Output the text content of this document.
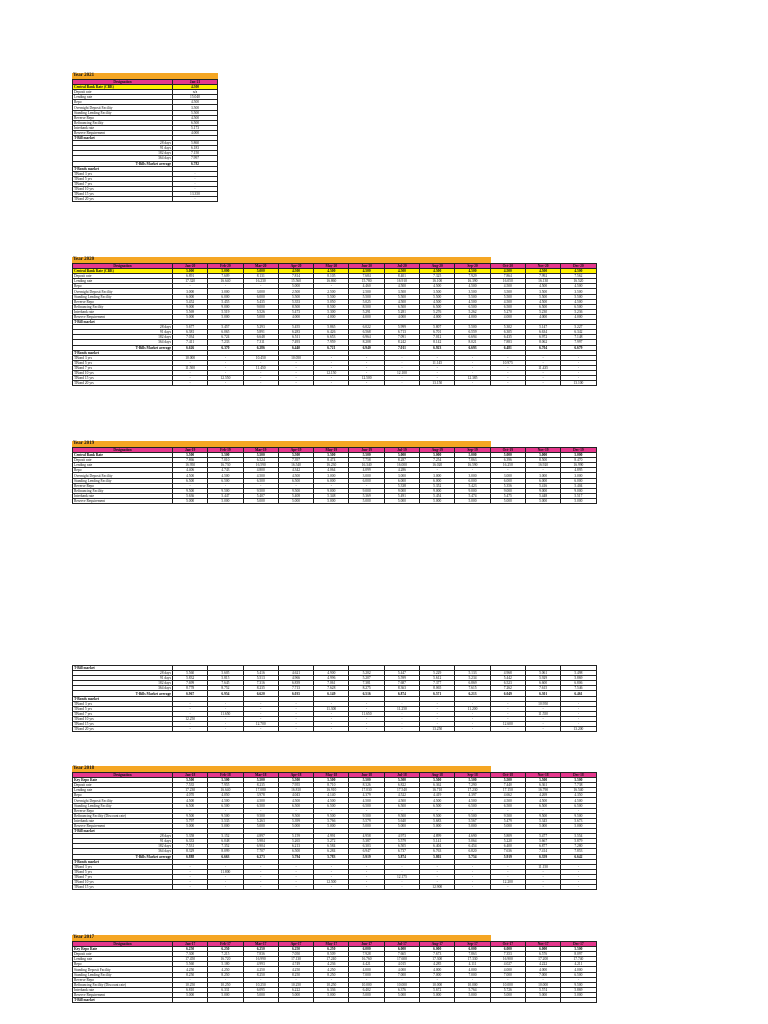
Year 2021
Designation	Jan-21
Central Bank Rate (CBR)	4.500
Deposit rate	n/a
Lending rate	15.040
Repo	4.500
Overnight Deposit Facility	3.500
Standing Lending Facility	5.500
Reverse Repo	4.500
Refinancing Facility	6.500
Interbank rate	5.173
Reserve Requirement	4.000
T-Bill market	
28 days	5.860
91 days	6.183
182 days	7.150
364 days	7.997
T-Bills Market average	6.782
T-Bonds market	
TBond 3 yrs	-
TBond 5 yrs	-
TBond 7 yrs	-
TBond 10 yrs	-
TBond 15 yrs	13.350
TBond 20 yrs	-
Year 2020
Designation	Jan-20	Feb-20	Mar-20	Apr-20	May-20	Jun-20	Jul-20	Aug-20	Sep-20	Oct-20	Nov-20	Dec-20
Central Bank Rate (CBR)	5.000	5.000	5.000	4.500	4.500	4.500	4.500	4.500	4.500	4.500	4.500	4.500
Deposit rate	6.891	7.609	8.131	7.814	8.105	7.684	8.401	7.325	7.929	7.864	7.992	7.562
Lending rate	17.320	16.640	16.230	15.560	16.860	15.780	16.910	16.100	16.390	16.050	16.130	16.520
Repo	-	-	-	5.000	-	4.460	4.500	4.500	4.500	4.500	4.500	4.500
Overnight Deposit Facility	3.000	3.000	3.000	2.500	2.500	2.500	3.500	3.500	3.500	3.500	3.500	3.500
Standing Lending Facility	6.000	6.000	6.000	5.500	5.500	5.500	5.500	5.500	5.500	5.500	5.500	5.500
Reverse Repo	5.452	5.455	5.435	5.353	5.050	5.025	4.500	4.500	4.500	4.500	4.500	4.500
Refinancing Facility	9.000	9.000	9.000	8.500	8.500	8.500	6.500	6.500	6.500	6.500	6.500	6.500
Interbank rate	5.569	5.519	5.526	5.473	5.300	5.291	5.281	5.276	5.262	5.270	5.230	5.236
Reserve Requirement	5.000	5.000	5.000	4.000	4.000	4.000	4.000	4.000	4.000	4.000	4.000	4.000
T-Bill market												
28 days	5.677	5.457	5.293	5.455	5.865	6.022	5.999	5.807	5.500	5.302	5.147	5.227
91 days	6.381	6.065	5.891	6.283	6.426	6.568	6.713	6.701	6.559	6.305	6.634	6.342
182 days	7.034	6.724	6.648	6.511	6.653	6.964	7.091	7.012	6.694	6.435	6.972	7.148
364 days	7.411	7.233	7.311	7.493	7.959	8.208	8.242	8.142	8.021	7.883	8.062	7.997
T-Bills Market average	6.626	6.370	6.286	6.440	6.721	6.940	7.011	6.923	6.693	6.481	6.704	6.679
T-Bonds market												
TBond 3 yrs	10.000	-	10.450	10.050	-	-	-	-	-	-	-	-
TBond 5 yrs	-	-	-	-	-	-	-	11.145	-	10.975	-	-
TBond 7 yrs	11.500	-	11.450	-	-	-	-	-	-	-	11.435	-
TBond 10 yrs	-	-	-	-	12.150	-	12.100	-	-	-	-	-
TBond 15 yrs	-	12.550	-	-	-	12.500	-	-	12.385	-	-	-
TBond 20 yrs	-	-	-	-	-	-	-	13.150	-	-	-	13.100
Year 2019
Designation	Jan-19	Feb-19	Mar-19	Apr-19	May-19	Jun-19	Jul-19	Aug-19	Sep-19	Oct-19	Nov-19	Dec-19
Central Bank Rate	5.500	5.500	5.500	5.500	5.500	5.500	5.000	5.000	5.000	5.000	5.000	5.000
Deposit rate	7.866	7.010	6.524	7.397	8.474	7.758	8.287	7.254	7.863	6.396	8.500	8.470
Lending rate	16.950	16.730	16.590	16.540	16.230	16.340	16.000	16.020	16.590	16.250	16.920	16.990
Repo	4.406	4.743	4.800	4.342	4.064	4.099	4.286	-	-	-	-	4.895
Overnight Deposit Facility	4.500	4.500	4.500	4.500	3.000	3.000	3.000	3.000	3.000	3.000	3.000	3.000
Standing Lending Facility	6.500	6.500	6.500	6.500	6.000	6.000	6.000	6.000	6.000	6.000	6.000	6.000
Reverse Repo	-	-	-	-	-	-	5.338	5.352	5.423	5.356	5.416	5.404
Refinancing Facility	9.500	9.500	9.500	9.500	9.000	9.000	9.000	9.000	9.000	9.000	9.000	9.000
Interbank rate	5.636	5.447	5.407	5.408	5.348	5.369	5.491	5.454	5.474	5.475	5.448	5.517
Reserve Requirement	5.000	5.000	5.000	5.000	5.000	5.000	5.000	5.000	5.000	5.000	5.000	5.000
T-Bill market												
28 days	5.560	5.605	5.416	4.621	4.900	5.202	5.447	5.229	5.133	4.968	5.061	5.498
91 days	5.832	5.815	5.513	4.966	4.996	5.207	5.599	5.612	5.234	5.442	5.929	5.869
182 days	7.699	7.645	7.316	6.839	7.061	7.381	7.687	7.377	6.869	6.523	6.600	6.806
364 days	8.778	8.752	8.235	7.713	7.628	8.275	8.363	8.065	7.615	7.262	7.615	7.546
T-Bills Market average	6.967	6.954	6.620	6.035	6.149	6.516	6.874	6.571	6.213	6.049	6.301	6.461
T-Bonds market												
TBond 3 yrs	-	-	-	-	-	-	-	-	-	-	10.950	-
TBond 5 yrs	-	-	-	-	11.300	-	11.250	-	11.200	-	-	-
TBond 7 yrs	-	11.650	-	-	-	11.650	-	-	-	-	11.550	-
TBond 10 yrs	12.250	-	-	-	-	-	-	-	-	-	-	-
TBond 15 yrs	-	-	12.700	-	-	-	-	-	-	12.600	-	-
TBond 20 yrs	-	-	-	-	-	-	-	13.250	-	-	-	13.200
Year 2018
Designation	Jan-18	Feb-18	Mar-18	Apr-18	May-18	Jun-18	Jul-18	Aug-18	Sep-18	Oct-18	Nov-18	Dec-18
Key Repo Rate	5.500	5.500	5.500	5.500	5.500	5.500	5.500	5.500	5.500	5.500	5.500	5.500
Deposit rate	7.535	7.955	8.235	7.955	8.710	8.326	6.822	6.362	7.290	7.440	6.361	7.738
Lending rate	17.230	16.640	17.080	16.810	16.910	17.030	17.540	16.710	17.230	17.150	16.790	16.540
Repo	4.070	4.050	3.978	4.043	4.140	4.379	4.522	4.419	4.397	4.662	4.269	4.350
Overnight Deposit Facility	4.500	4.500	4.500	4.500	4.500	4.500	4.500	4.500	4.500	4.500	4.500	4.500
Standing Lending Facility	6.500	6.500	6.500	6.500	6.500	6.500	6.500	6.500	6.500	6.500	6.500	6.500
Reverse Repo	-	-	-	-	-	-	-	-	-	-	-	-
Refinancing Facility (Discount rate)	9.500	9.500	9.500	9.500	9.500	9.500	9.500	9.500	9.500	9.500	9.500	9.500
Interbank rate	5.797	5.535	5.263	5.399	5.766	5.579	5.640	5.683	5.567	5.479	5.345	5.673
Reserve Requirement	5.000	5.000	5.000	5.000	5.000	5.000	5.000	5.000	5.000	5.000	5.000	5.000
T-Bill market												
28 days	5.358	5.152	4.897	5.159	4.991	4.958	4.973	4.899	4.690	5.809	5.477	5.554
91 days	6.333	6.048	5.984	5.265	5.272	5.387	5.579	5.141	5.064	5.220	5.667	5.879
182 days	7.531	7.352	6.904	6.213	6.584	6.303	6.505	6.404	6.454	6.400	6.877	7.280
364 days	8.329	8.099	7.707	6.500	6.284	6.947	6.737	6.763	6.820	7.636	7.414	7.853
T-Bills Market average	6.888	6.663	6.273	5.794	5.783	5.919	5.874	5.802	5.754	5.919	6.359	6.642
T-Bonds market												
TBond 3 yrs	-	-	-	-	-	-	-	-	-	-	11.150	-
TBond 5 yrs	-	11.800	-	-	-	-	-	-	-	-	-	-
TBond 7 yrs	-	-	-	-	-	-	12.175	-	-	-	-	-
TBond 10 yrs	-	-	-	-	12.500	-	-	-	-	12.200	-	-
TBond 15 yrs	-	-	-	-	-	-	-	12.900	-	-	-	-
Year 2017
Designation	Jan-17	Feb-17	Mar-17	Apr-17	May-17	Jun-17	Jul-17	Aug-17	Sep-17	Oct-17	Nov-17	Dec-17
Key Repo Rate	6.250	6.250	6.250	6.250	6.250	6.000	6.000	6.000	6.000	6.000	6.000	5.500
Deposit rate	7.300	7.215	7.836	7.050	8.509	7.928	7.665	7.673	7.863	7.353	6.576	8.097
Lending rate	17.450	16.720	16.990	17.130	17.240	16.760	17.600	17.300	17.330	16.900	17.200	17.740
Repo	5.560	5.180	4.993	4.749	4.236	4.421	4.015	4.285	4.111	4.027	4.222	4.211
Standing Deposit Facility	4.250	4.250	4.250	4.250	4.250	4.000	4.000	4.000	4.000	4.000	4.000	4.000
Standing Lending Facility	8.250	8.250	8.250	8.250	8.250	7.000	7.000	7.000	7.000	7.000	7.000	6.500
Reverse Repo	-	-	-	-	-	-	-	-	-	-	-	-
Refinancing Facility (Discount rate)	10.250	10.250	10.250	10.250	10.250	10.000	10.000	10.000	10.000	10.000	10.000	9.500
Interbank rate	6.810	6.331	6.095	6.222	6.336	6.402	6.376	5.672	5.764	5.726	5.574	5.869
Reserve Requirement	5.000	5.000	5.000	5.000	5.000	5.000	5.000	5.000	5.000	5.000	5.000	5.000
T-Bill market												
